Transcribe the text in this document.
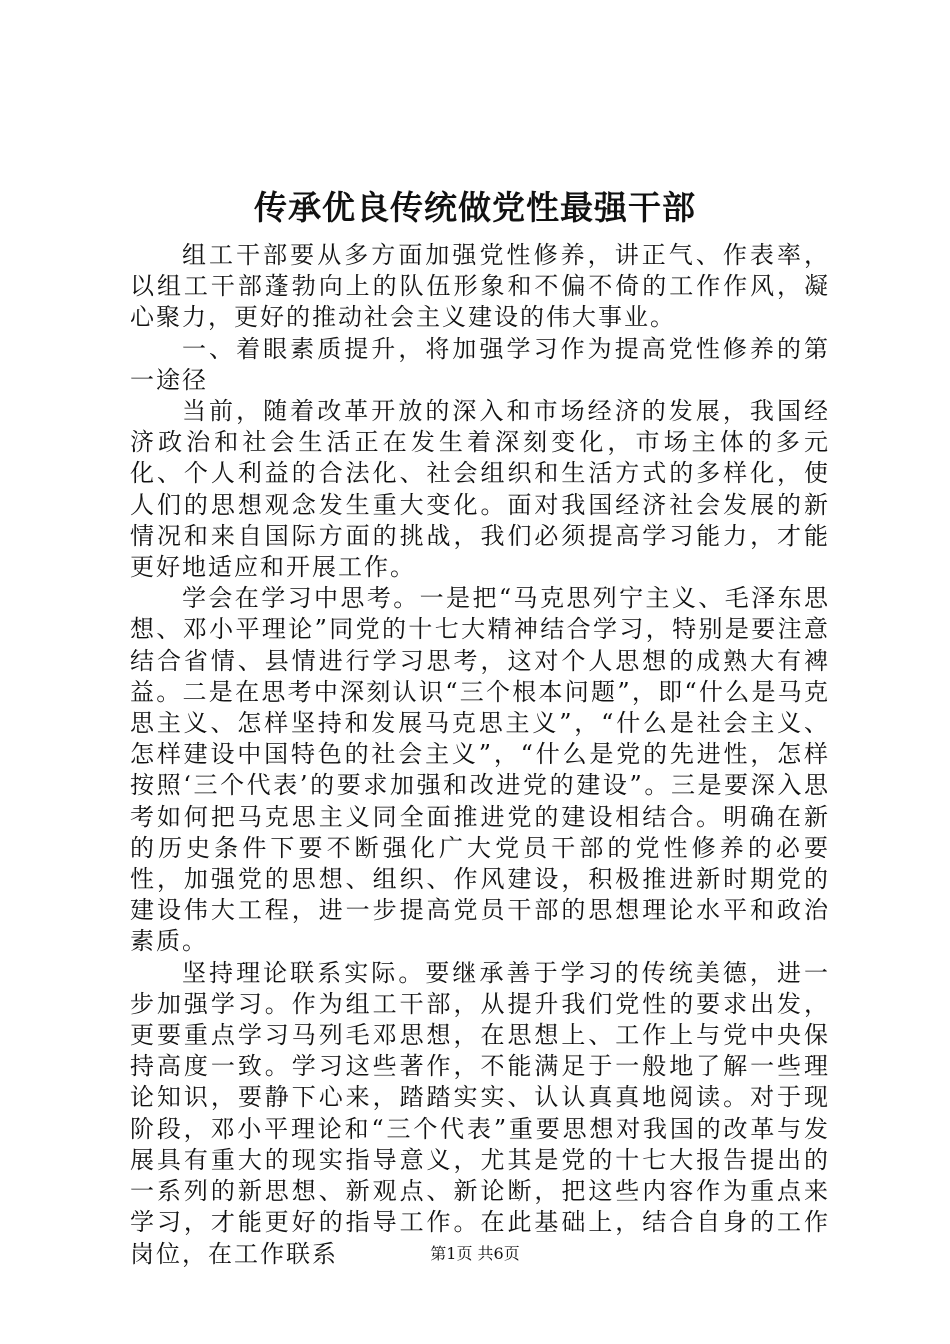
传承优良传统做党性最强干部

组工干部要从多方面加强党性修养，讲正气、作表率，以组工干部蓬勃向上的队伍形象和不偏不倚的工作作风，凝心聚力，更好的推动社会主义建设的伟大事业。

一、着眼素质提升，将加强学习作为提高党性修养的第一途径

当前，随着改革开放的深入和市场经济的发展，我国经济政治和社会生活正在发生着深刻变化，市场主体的多元化、个人利益的合法化、社会组织和生活方式的多样化，使人们的思想观念发生重大变化。面对我国经济社会发展的新情况和来自国际方面的挑战，我们必须提高学习能力，才能更好地适应和开展工作。

学会在学习中思考。一是把“马克思列宁主义、毛泽东思想、邓小平理论”同党的十七大精神结合学习，特别是要注意结合省情、县情进行学习思考，这对个人思想的成熟大有裨益。二是在思考中深刻认识“三个根本问题”，即“什么是马克思主义、怎样坚持和发展马克思主义”，“什么是社会主义、怎样建设中国特色的社会主义”，“什么是党的先进性，怎样按照‘三个代表’的要求加强和改进党的建设”。三是要深入思考如何把马克思主义同全面推进党的建设相结合。明确在新的历史条件下要不断强化广大党员干部的党性修养的必要性，加强党的思想、组织、作风建设，积极推进新时期党的建设伟大工程，进一步提高党员干部的思想理论水平和政治素质。

坚持理论联系实际。要继承善于学习的传统美德，进一步加强学习。作为组工干部，从提升我们党性的要求出发，更要重点学习马列毛邓思想，在思想上、工作上与党中央保持高度一致。学习这些著作，不能满足于一般地了解一些理论知识，要静下心来，踏踏实实、认认真真地阅读。对于现阶段，邓小平理论和“三个代表”重要思想对我国的改革与发展具有重大的现实指导意义，尤其是党的十七大报告提出的一系列的新思想、新观点、新论断，把这些内容作为重点来学习，才能更好的指导工作。在此基础上，结合自身的工作岗位，在工作联系	第1页 共6页
